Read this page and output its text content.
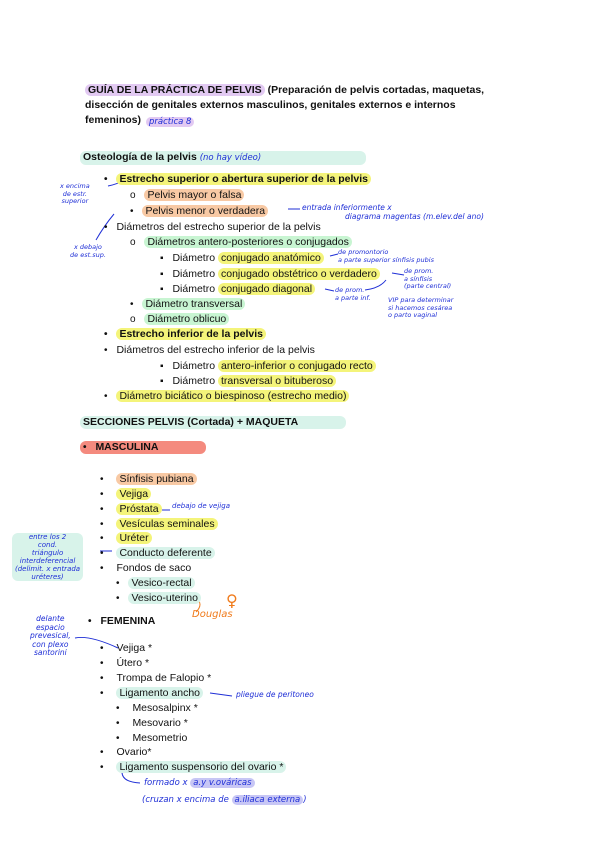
GUÍA DE LA PRÁCTICA DE PELVIS (Preparación de pelvis cortadas, maquetas,
disección de genitales externos masculinos, genitales externos e internos
femeninos) práctica 8
Osteología de la pelvis (no hay vídeo)
• Estrecho superior o abertura superior de la pelvis
x encima
de estr.
superior	o Pelvis mayor o falsa
• Pelvis menor o verdadera	entrada inferiormente x
diagrama magentas (m.elev.del ano)
• Diámetros del estrecho superior de la pelvis
o Diámetros antero-posteriores o conjugados
x debajo
de est.sup.	▪ Diámetro conjugado anatómico	de promontorio
a parte superior sínfisis pubis
▪ Diámetro conjugado obstétrico o verdadero	de prom.
a sínfisis
(parte central)
▪ Diámetro conjugado diagonal	de prom.
a parte inf.	VIP para determinar
si hacemos cesárea
o parto vaginal
• Diámetro transversal
o Diámetro oblicuo
• Estrecho inferior de la pelvis
• Diámetros del estrecho inferior de la pelvis
▪ Diámetro antero-inferior o conjugado recto
▪ Diámetro transversal o bituberoso
• Diámetro biciático o biespinoso (estrecho medio)
SECCIONES PELVIS (Cortada) + MAQUETA
• MASCULINA
• Sínfisis pubiana
• Vejiga
• Próstata	debajo de vejiga
• Vesículas seminales
• Uréter
• Conducto deferente
entre los 2
cond.
triángulo
interdeferencial
(delimit. x entrada
uréteres)
• Fondos de saco
• Vesico-rectal
• Vesico-uterino
Douglas
♀
• FEMENINA
delante
espacio
prevesical,
con plexo
santorini	• Vejiga *
• Útero *
• Trompa de Falopio *
• Ligamento ancho	pliegue de peritoneo
• Mesosalpinx *
• Mesovario *
• Mesometrio
• Ovario*
• Ligamento suspensorio del ovario *
formado x a.y v.ováricas
(cruzan x encima de a.iliaca externa )
